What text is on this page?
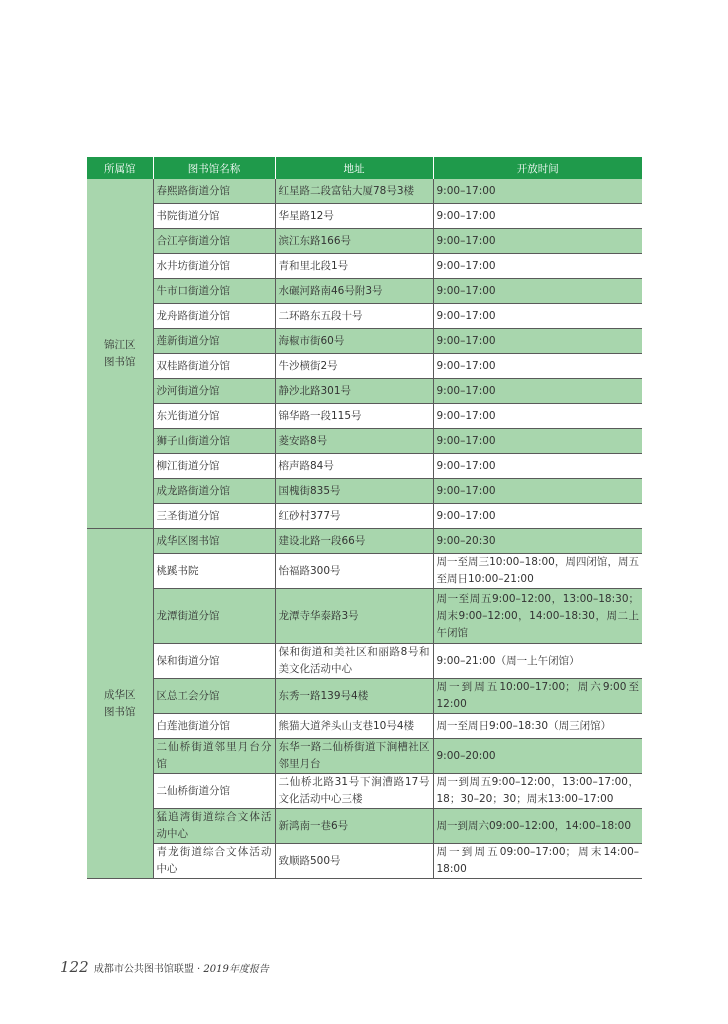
所属馆	图书馆名称	地址	开放时间

锦江区
图书馆	春熙路街道分馆	红星路二段富钻大厦78号3楼	9:00–17:00
	书院街道分馆	华星路12号	9:00–17:00
	合江亭街道分馆	滨江东路166号	9:00–17:00
	水井坊街道分馆	青和里北段1号	9:00–17:00
	牛市口街道分馆	水碾河路南46号附3号	9:00–17:00
	龙舟路街道分馆	二环路东五段十号	9:00–17:00
	莲新街道分馆	海椒市街60号	9:00–17:00
	双桂路街道分馆	牛沙横街2号	9:00–17:00
	沙河街道分馆	静沙北路301号	9:00–17:00
	东光街道分馆	锦华路一段115号	9:00–17:00
	狮子山街道分馆	菱安路8号	9:00–17:00
	柳江街道分馆	榕声路84号	9:00–17:00
	成龙路街道分馆	国槐街835号	9:00–17:00
	三圣街道分馆	红砂村377号	9:00–17:00

成华区
图书馆	成华区图书馆	建设北路一段66号	9:00–20:30
	桃蹊书院	怡福路300号	周一至周三10:00–18:00，周四闭馆，周五至周日10:00–21:00
	龙潭街道分馆	龙潭寺华泰路3号	周一至周五9:00–12:00，13:00–18:30；周末9:00–12:00，14:00–18:30，周二上午闭馆
	保和街道分馆	保和街道和美社区和丽路8号和美文化活动中心	9:00–21:00（周一上午闭馆）
	区总工会分馆	东秀一路139号4楼	周一到周五10:00–17:00；周六9:00至12:00
	白莲池街道分馆	熊猫大道斧头山支巷10号4楼	周一至周日9:00–18:30（周三闭馆）
	二仙桥街道邻里月台分馆	东华一路二仙桥街道下涧槽社区邻里月台	9:00–20:00
	二仙桥街道分馆	二仙桥北路31号下涧漕路17号文化活动中心三楼	周一到周五9:00–12:00，13:00–17:00，18；30–20；30；周末13:00–17:00
	猛追湾街道综合文体活动中心	新鸿南一巷6号	周一到周六09:00–12:00，14:00–18:00
	青龙街道综合文体活动中心	致顺路500号	周一到周五09:00–17:00；周末14:00–18:00
122 成都市公共图书馆联盟 · 2019年度报告
